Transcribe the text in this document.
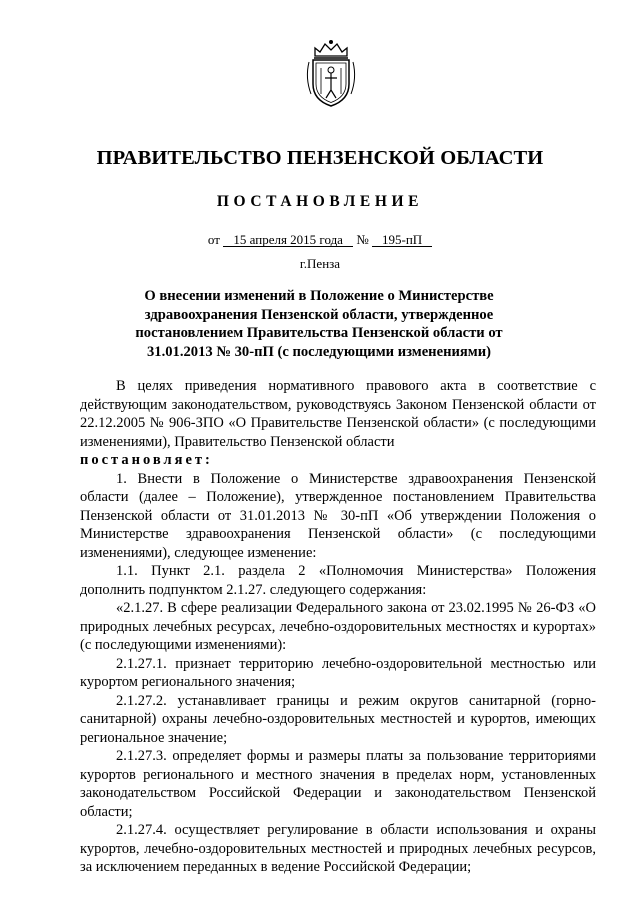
ПРАВИТЕЛЬСТВО ПЕНЗЕНСКОЙ ОБЛАСТИ
ПОСТАНОВЛЕНИЕ
от 15 апреля 2015 года № 195-пП
г.Пенза
О внесении изменений в Положение о Министерстве здравоохранения Пензенской области, утвержденное постановлением Правительства Пензенской области от 31.01.2013 № 30-пП (с последующими изменениями)

В целях приведения нормативного правового акта в соответствие с действующим законодательством, руководствуясь Законом Пензенской области от 22.12.2005 № 906-ЗПО «О Правительстве Пензенской области» (с последующими изменениями), Правительство Пензенской области

постановляет:

1. Внести в Положение о Министерстве здравоохранения Пензенской области (далее – Положение), утвержденное постановлением Правительства Пензенской области от 31.01.2013 № 30-пП «Об утверждении Положения о Министерстве здравоохранения Пензенской области» (с последующими изменениями), следующее изменение:

1.1. Пункт 2.1. раздела 2 «Полномочия Министерства» Положения дополнить подпунктом 2.1.27. следующего содержания:

«2.1.27. В сфере реализации Федерального закона от 23.02.1995 № 26-ФЗ «О природных лечебных ресурсах, лечебно-оздоровительных местностях и курортах» (с последующими изменениями):

2.1.27.1. признает территорию лечебно-оздоровительной местностью или курортом регионального значения;

2.1.27.2. устанавливает границы и режим округов санитарной (горно-санитарной) охраны лечебно-оздоровительных местностей и курортов, имеющих региональное значение;

2.1.27.3. определяет формы и размеры платы за пользование территориями курортов регионального и местного значения в пределах норм, установленных законодательством Российской Федерации и законодательством Пензенской области;

2.1.27.4. осуществляет регулирование в области использования и охраны курортов, лечебно-оздоровительных местностей и природных лечебных ресурсов, за исключением переданных в ведение Российской Федерации;
